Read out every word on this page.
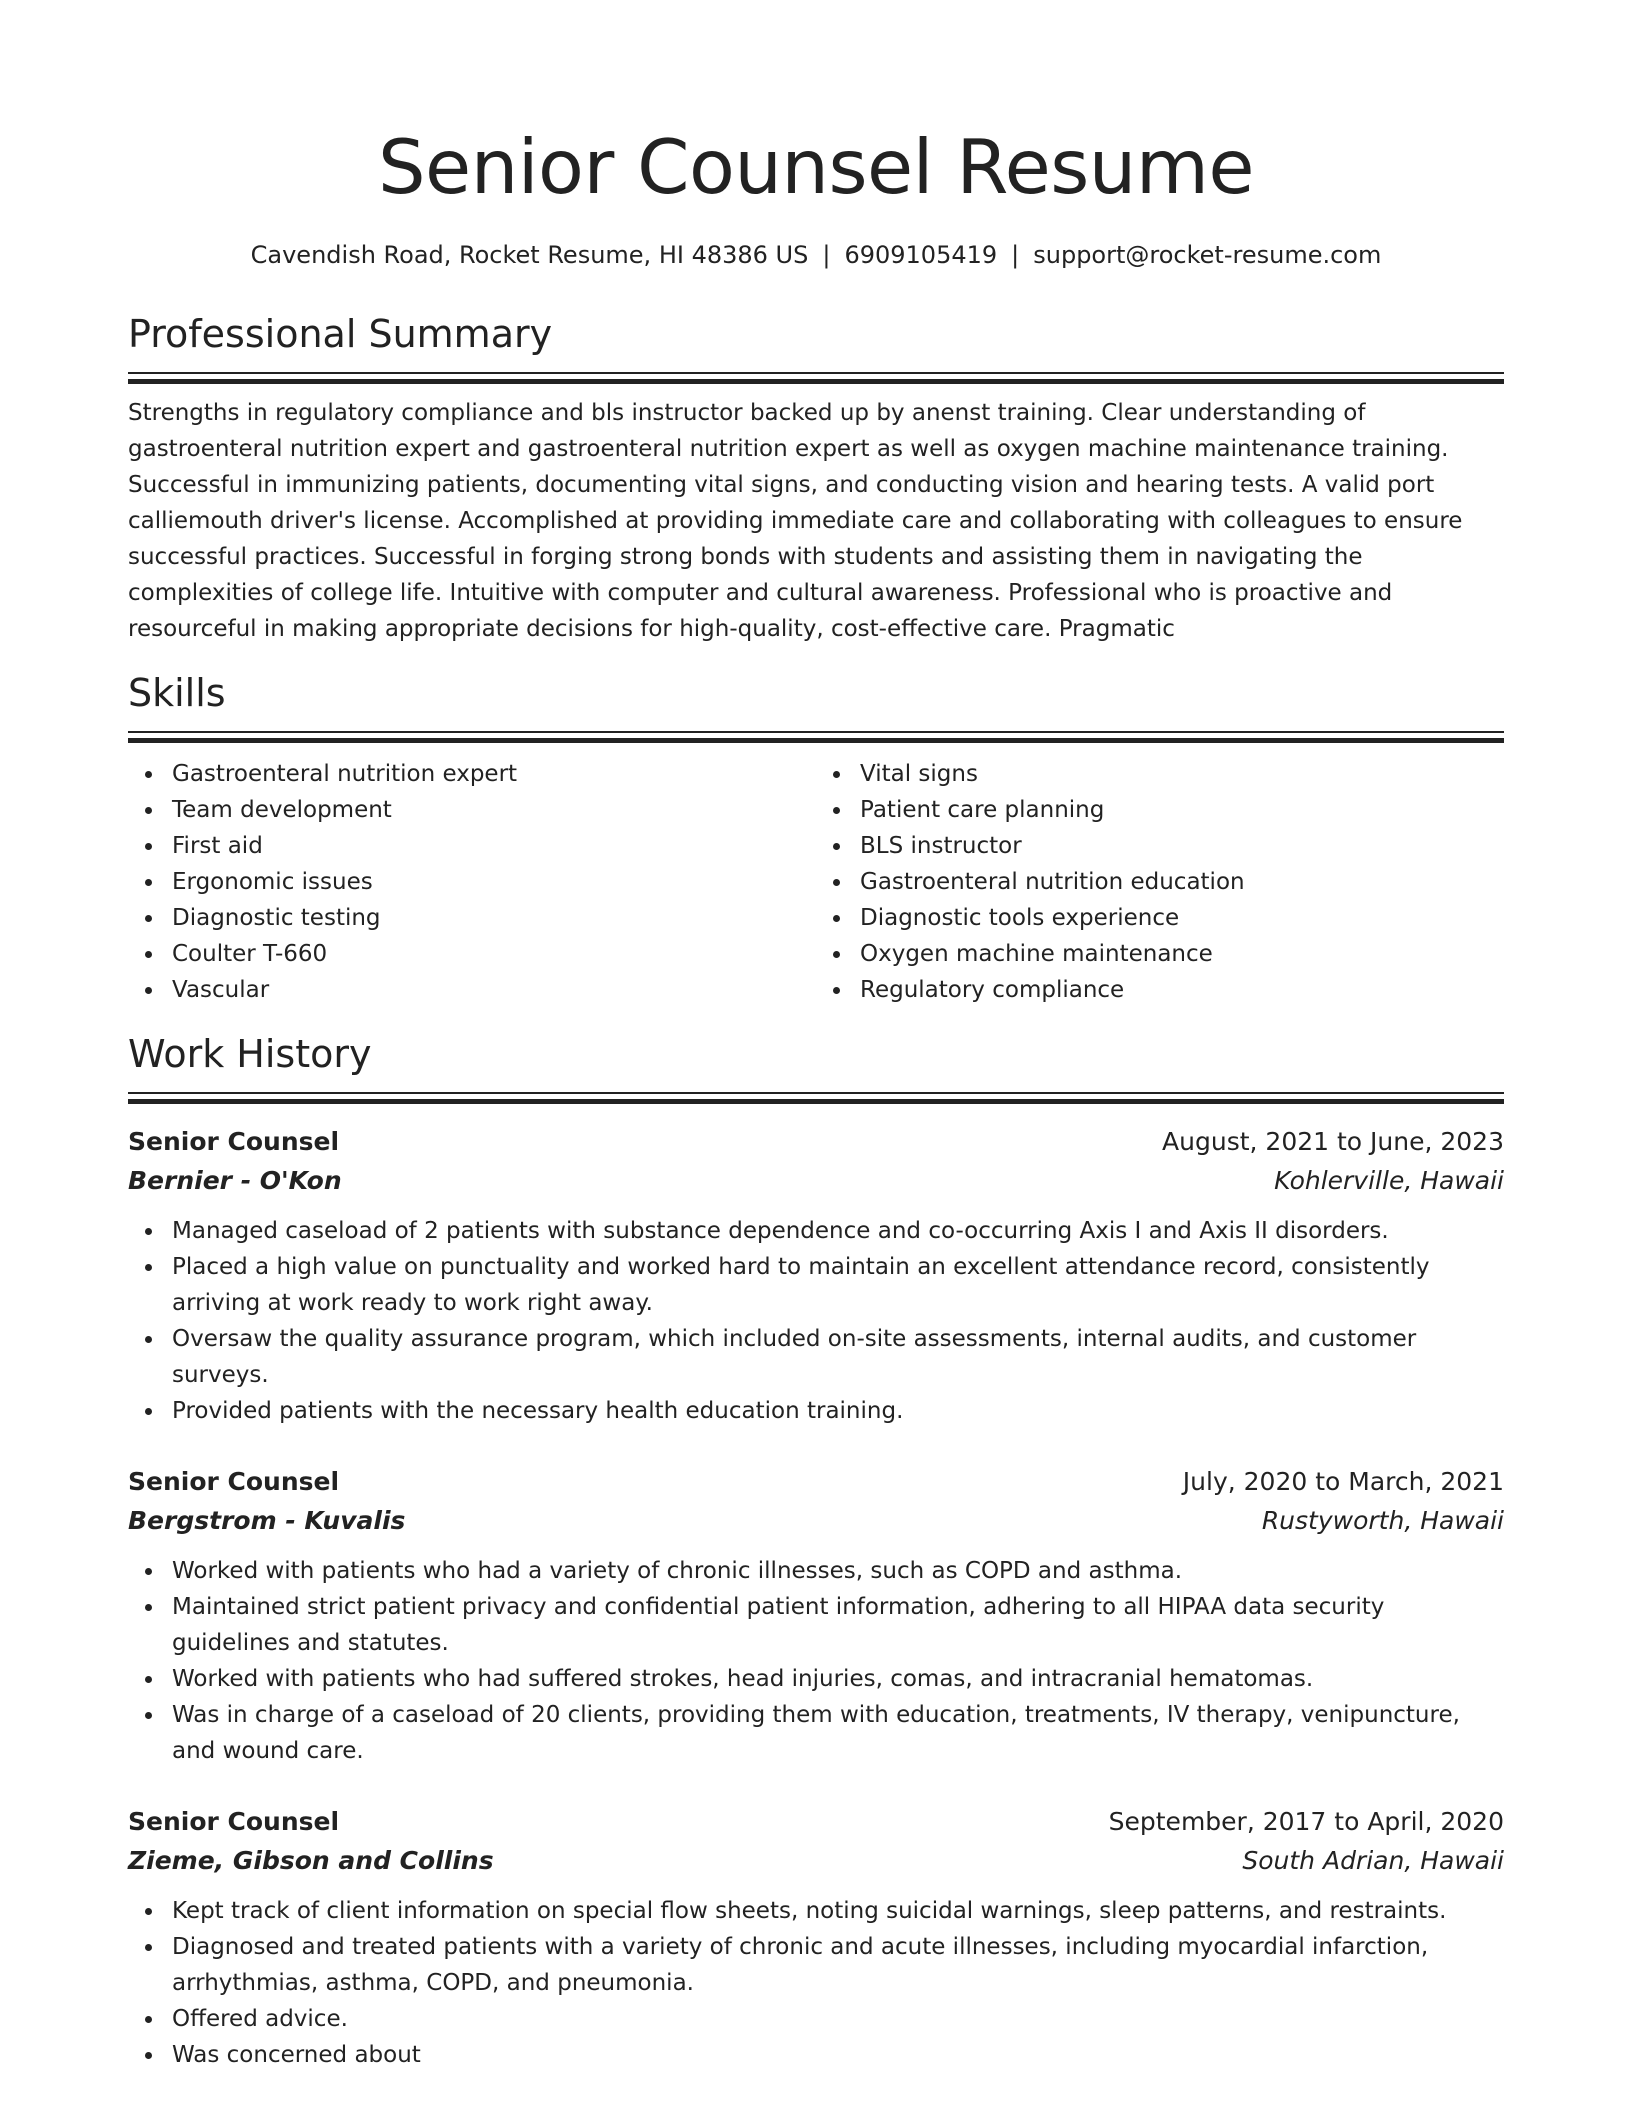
Senior Counsel Resume
Cavendish Road, Rocket Resume, HI 48386 US | 6909105419 | support@rocket-resume.com
Professional Summary
Strengths in regulatory compliance and bls instructor backed up by anenst training. Clear understanding of gastroenteral nutrition expert and gastroenteral nutrition expert as well as oxygen machine maintenance training. Successful in immunizing patients, documenting vital signs, and conducting vision and hearing tests. A valid port calliemouth driver's license. Accomplished at providing immediate care and collaborating with colleagues to ensure successful practices. Successful in forging strong bonds with students and assisting them in navigating the complexities of college life. Intuitive with computer and cultural awareness. Professional who is proactive and resourceful in making appropriate decisions for high-quality, cost-effective care. Pragmatic
Skills
Gastroenteral nutrition expert
Team development
First aid
Ergonomic issues
Diagnostic testing
Coulter T-660
Vascular
Vital signs
Patient care planning
BLS instructor
Gastroenteral nutrition education
Diagnostic tools experience
Oxygen machine maintenance
Regulatory compliance
Work History
Senior Counsel	August, 2021 to June, 2023
Bernier - O'Kon	Kohlerville, Hawaii
Managed caseload of 2 patients with substance dependence and co-occurring Axis I and Axis II disorders.
Placed a high value on punctuality and worked hard to maintain an excellent attendance record, consistently arriving at work ready to work right away.
Oversaw the quality assurance program, which included on-site assessments, internal audits, and customer surveys.
Provided patients with the necessary health education training.
Senior Counsel	July, 2020 to March, 2021
Bergstrom - Kuvalis	Rustyworth, Hawaii
Worked with patients who had a variety of chronic illnesses, such as COPD and asthma.
Maintained strict patient privacy and confidential patient information, adhering to all HIPAA data security guidelines and statutes.
Worked with patients who had suffered strokes, head injuries, comas, and intracranial hematomas.
Was in charge of a caseload of 20 clients, providing them with education, treatments, IV therapy, venipuncture, and wound care.
Senior Counsel	September, 2017 to April, 2020
Zieme, Gibson and Collins	South Adrian, Hawaii
Kept track of client information on special flow sheets, noting suicidal warnings, sleep patterns, and restraints.
Diagnosed and treated patients with a variety of chronic and acute illnesses, including myocardial infarction, arrhythmias, asthma, COPD, and pneumonia.
Offered advice.
Was concerned about
